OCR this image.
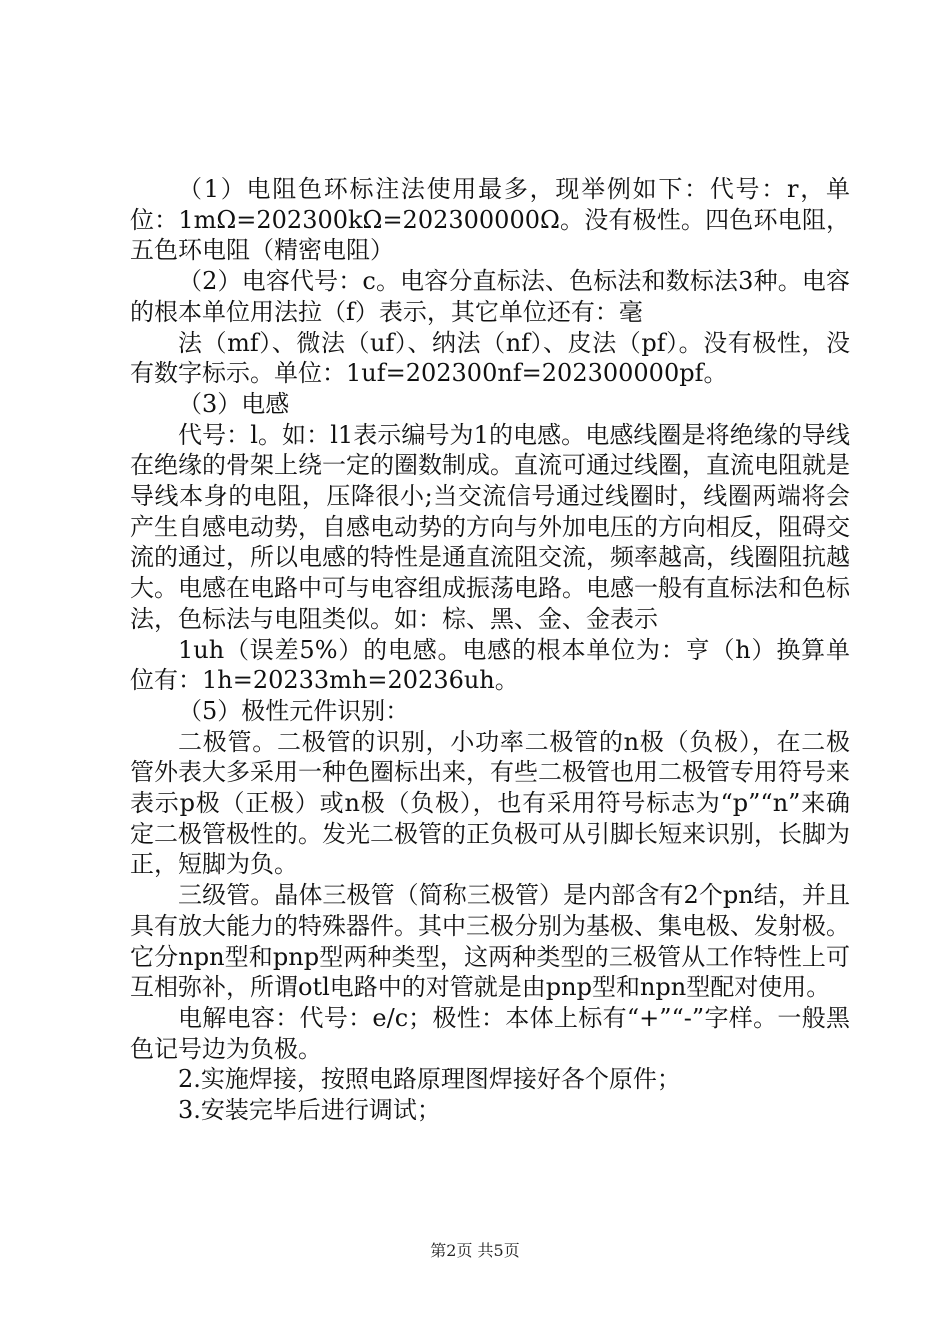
（1）电阻色环标注法使用最多，现举例如下：代号：r，单位：1mΩ=202300kΩ=202300000Ω。没有极性。四色环电阻，五色环电阻（精密电阻）

（2）电容代号：c。电容分直标法、色标法和数标法3种。电容的根本单位用法拉（f）表示，其它单位还有：毫

法（mf）、微法（uf）、纳法（nf）、皮法（pf）。没有极性，没有数字标示。单位：1uf=202300nf=202300000pf。

（3）电感

代号：l。如：l1表示编号为1的电感。电感线圈是将绝缘的导线在绝缘的骨架上绕一定的圈数制成。直流可通过线圈，直流电阻就是导线本身的电阻，压降很小;当交流信号通过线圈时，线圈两端将会产生自感电动势，自感电动势的方向与外加电压的方向相反，阻碍交流的通过，所以电感的特性是通直流阻交流，频率越高，线圈阻抗越大。电感在电路中可与电容组成振荡电路。电感一般有直标法和色标法，色标法与电阻类似。如：棕、黑、金、金表示

1uh（误差5%）的电感。电感的根本单位为：亨（h）换算单位有：1h=20233mh=20236uh。

（5）极性元件识别：

二极管。二极管的识别，小功率二极管的n极（负极），在二极管外表大多采用一种色圈标出来，有些二极管也用二极管专用符号来表示p极（正极）或n极（负极），也有采用符号标志为“p”“n”来确定二极管极性的。发光二极管的正负极可从引脚长短来识别，长脚为正，短脚为负。

三级管。晶体三极管（简称三极管）是内部含有2个pn结，并且具有放大能力的特殊器件。其中三极分别为基极、集电极、发射极。它分npn型和pnp型两种类型，这两种类型的三极管从工作特性上可互相弥补，所谓otl电路中的对管就是由pnp型和npn型配对使用。

电解电容：代号：e/c；极性：本体上标有“+”“-”字样。一般黑色记号边为负极。

2.实施焊接，按照电路原理图焊接好各个原件；

3.安装完毕后进行调试；

第2页 共5页
